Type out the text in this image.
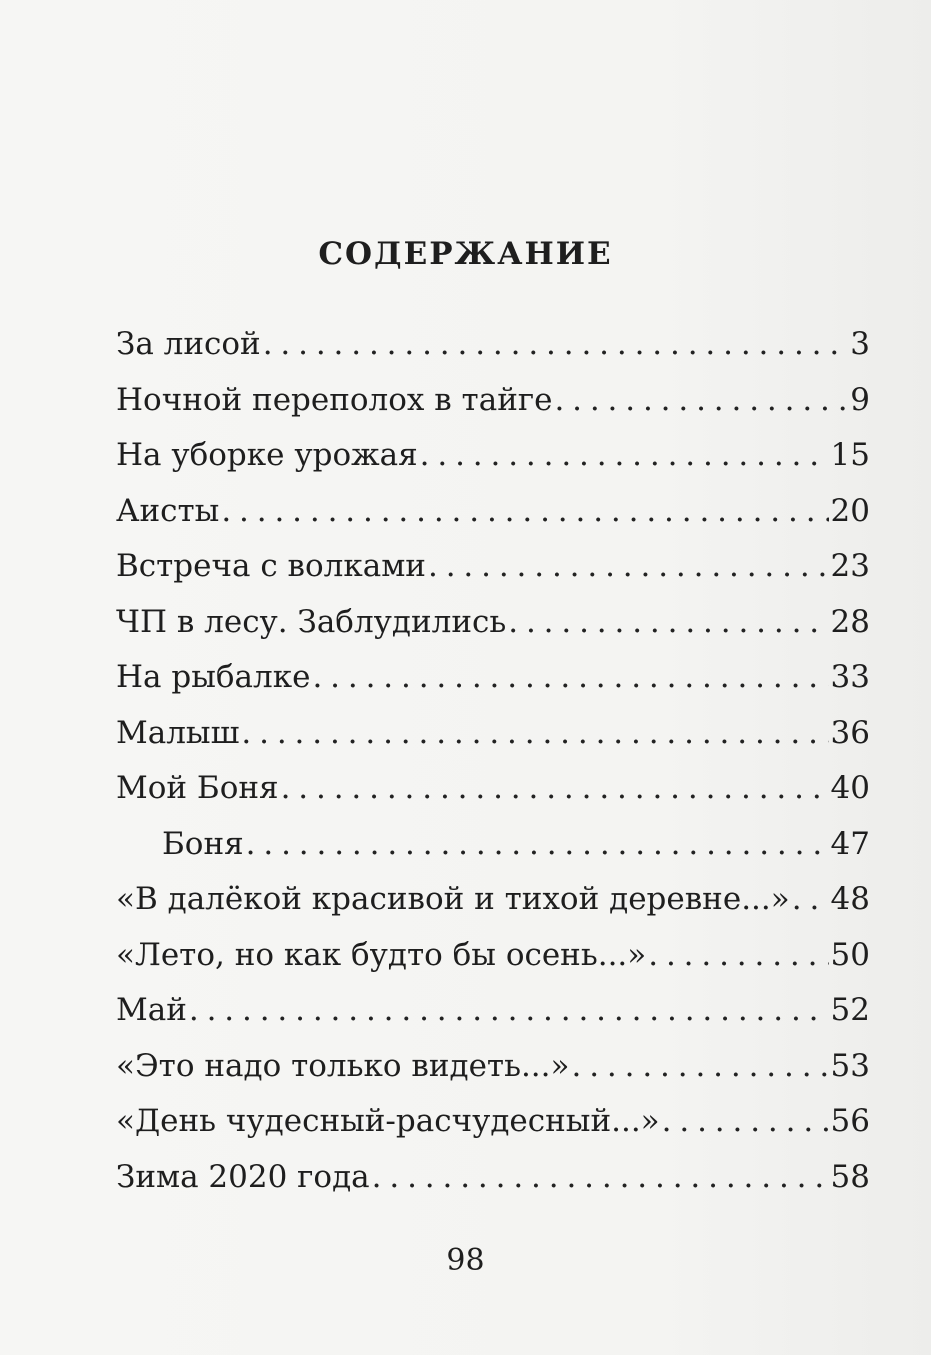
СОДЕРЖАНИЕ
За лисой . . .	3
Ночной переполох в тайге . . .	9
На уборке урожая . . .	15
Аисты . . .	20
Встреча с волками . . .	23
ЧП в лесу. Заблудились . . .	28
На рыбалке . . .	33
Малыш . . .	36
Мой Боня . . .	40
Боня . . .	47
«В далёкой красивой и тихой деревне...» . . . 48
«Лето, но как будто бы осень...» . . .	50
Май . . .	52
«Это надо только видеть...» . . .	53
«День чудесный-расчудесный...» . . .	56
Зима 2020 года . . .	58
98
